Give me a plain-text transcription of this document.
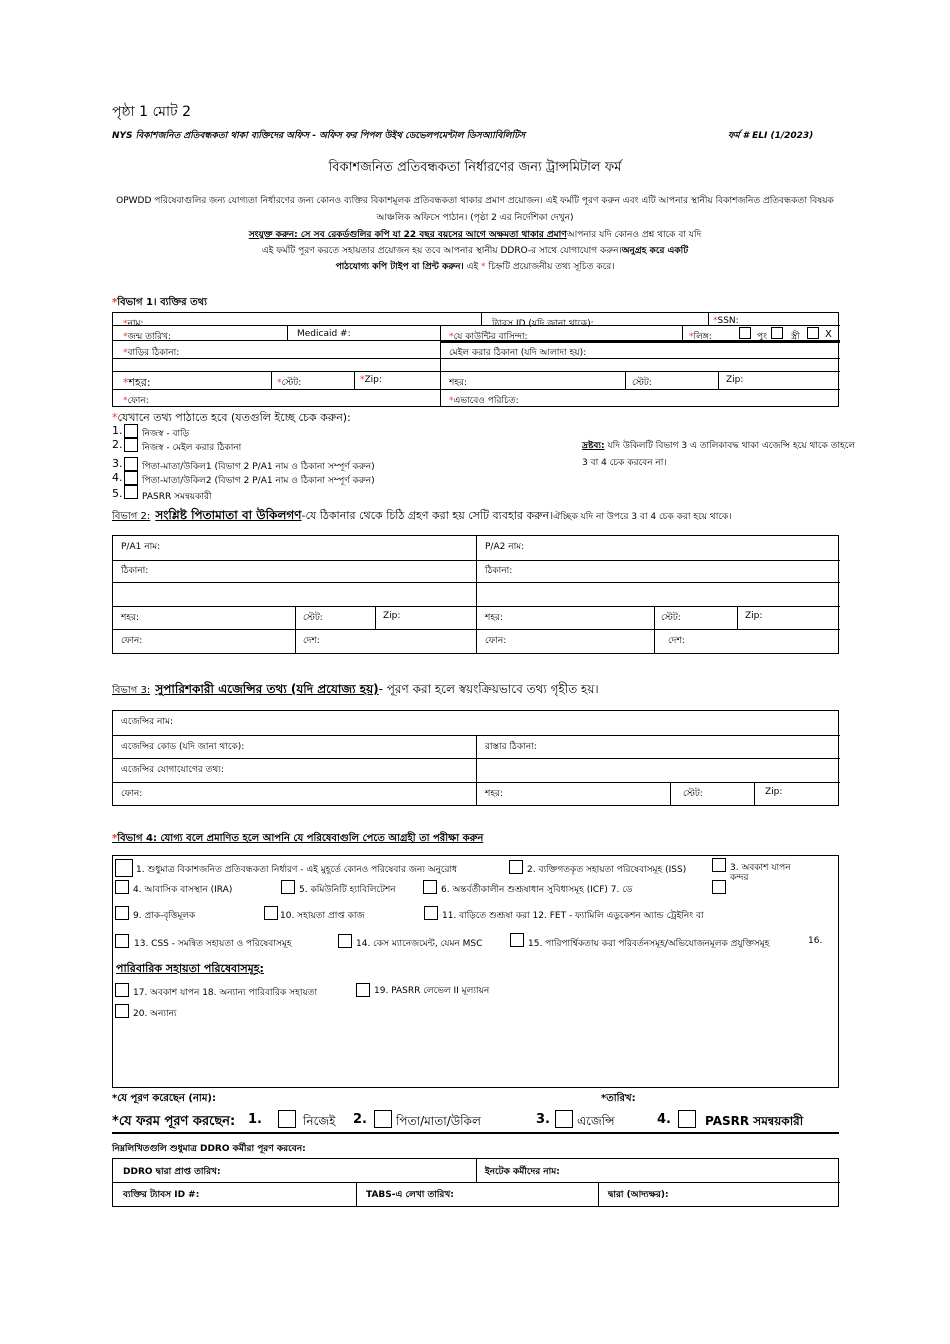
পৃষ্ঠা 1 মোট 2
NYS বিকাশজনিত প্রতিবন্ধকতা থাকা ব্যক্তিদের অফিস - অফিস ফর পিপল উইথ ডেভেলপমেন্টাল ডিসঅ্যাবিলিটিস	ফর্ম # ELI (1/2023)
বিকাশজনিত প্রতিবন্ধকতা নির্ধারণের জন্য ট্রান্সমিটাল ফর্ম
OPWDD পরিষেবাগুলির জন্য যোগ্যতা নির্ধারণের জন্য কোনও ব্যক্তির বিকাশমূলক প্রতিবন্ধকতা থাকার প্রমাণ প্রয়োজন। এই ফর্মটি পূরণ করুন এবং এটি আপনার স্থানীয় বিকাশজনিত প্রতিবন্ধকতা বিষয়ক
আঞ্চলিক অফিসে পাঠান। (পৃষ্ঠা 2 এর নির্দেশিকা দেখুন)
সংযুক্ত করুন: সে সব রেকর্ডগুলির কপি যা 22 বছর বয়সের আগে অক্ষমতা থাকার প্রমাণআপনার যদি কোনও প্রশ্ন থাকে বা যদি
এই ফর্মটি পূরণ করতে সহায়তার প্রয়োজন হয় তবে আপনার স্থানীয় DDRO-র সাথে যোগাযোগ করুন।অনুগ্রহ করে একটি
পাঠযোগ্য কপি টাইপ বা প্রিন্ট করুন। এই * চিহ্নটি প্রয়োজনীয় তথ্য সূচিত করে।
*বিভাগ 1। ব্যক্তির তথ্য
*নাম:	ট্যাবস ID (যদি জানা থাকে):	*SSN:
*জন্ম তারিখ:	Medicaid #:	*যে কাউন্টির বাসিন্দা:	*লিঙ্গ:	পুং	স্ত্রী	X
*বাড়ির ঠিকানা:	মেইল করার ঠিকানা (যদি আলাদা হয়):
*শহর:	*স্টেট:	*Zip:	শহর:	স্টেট:	Zip:
*ফোন:	*এভাবেও পরিচিত:
*যেখানে তথ্য পাঠাতে হবে (যতগুলি ইচ্ছে চেক করুন):
1. নিজস্ব - বাড়ি
2. নিজস্ব - মেইল করার ঠিকানা
3. পিতা-মাতা/উকিল1 (বিভাগ 2 P/A1 নাম ও ঠিকানা সম্পূর্ণ করুন)
4. পিতা-মাতা/উকিল2 (বিভাগ 2 P/A1 নাম ও ঠিকানা সম্পূর্ণ করুন)
5. PASRR সমন্বয়কারী
দ্রষ্টব্য: যদি উকিলটি বিভাগ 3 এ তালিকাবদ্ধ থাকা এজেন্সি হয়ে থাকে তাহলে
3 বা 4 চেক করবেন না।
বিভাগ 2: সংশ্লিষ্ট পিতামাতা বা উকিলগণ-যে ঠিকানার থেকে চিঠি গ্রহণ করা হয় সেটি ব্যবহার করুন।ঐচ্ছিক যদি না উপরে 3 বা 4 চেক করা হয়ে থাকে।
P/A1 নাম:	P/A2 নাম:
ঠিকানা:	ঠিকানা:
শহর:	স্টেট:	Zip:	শহর:	স্টেট:	Zip:
ফোন:	দেশ:	ফোন:	দেশ:
বিভাগ 3: সুপারিশকারী এজেন্সির তথ্য (যদি প্রযোজ্য হয়)- পূরণ করা হলে স্বয়ংক্রিয়ভাবে তথ্য গৃহীত হয়।
এজেন্সির নাম:
এজেন্সির কোড (যদি জানা থাকে):	রাস্তার ঠিকানা:
এজেন্সির যোগাযোগের তথ্য:
ফোন:	শহর:	স্টেট:	Zip:
*বিভাগ 4: যোগ্য বলে প্রমাণিত হলে আপনি যে পরিষেবাগুলি পেতে আগ্রহী তা পরীক্ষা করুন
1. শুধুমাত্র বিকাশজনিত প্রতিবন্ধকতা নির্ধারণ - এই মুহূর্তে কোনও পরিষেবার জন্য অনুরোধ	2. ব্যক্তিগতকৃত সহায়তা পরিষেবাসমূহ (ISS)	3. অবকাশ যাপন
কন্দর
4. আবাসিক বাসস্থান (IRA)	5. কমিউনিটি হ্যাবিলিটেশন	6. অন্তর্বর্তীকালীন শুশ্রূষাধান সুবিধাসমূহ (ICF) 7. ডে
9. প্রাক-বৃত্তিমূলক	10. সহায়তা প্রাপ্ত কাজ	11. বাড়িতে শুশ্রূষা করা 12. FET - ফ্যামিলি এডুকেশন অ্যান্ড ট্রেইনিং বা
13. CSS - সমন্বিত সহায়তা ও পরিষেবাসমূহ	14. কেস ম্যানেজমেন্ট, যেমন MSC	15. পারিপার্শ্বিকতায় করা পরিবর্তনসমূহ/অভিযোজনমূলক প্রযুক্তিসমূহ	16.
পারিবারিক সহায়তা পরিষেবাসমূহ:
17. অবকাশ যাপন 18. অন্যান্য পারিবারিক সহায়তা	19. PASRR লেভেল II মূল্যায়ন
20. অন্যান্য
*যে পূরণ করেছেন (নাম):	*তারিখ:
*যে ফরম পূরণ করছেন: 1.	নিজেই 2. পিতা/মাতা/উকিল	3. এজেন্সি	4.	PASRR সমন্বয়কারী
নিম্নলিখিতগুলি শুধুমাত্র DDRO কর্মীরা পূরণ করবেন:
DDRO দ্বারা প্রাপ্ত তারিখ:	ইনটেক কর্মীদের নাম:
ব্যক্তির ট্যাবস ID #:	TABS-এ লেখা তারিখ:	দ্বারা (আদ্যক্ষর):
